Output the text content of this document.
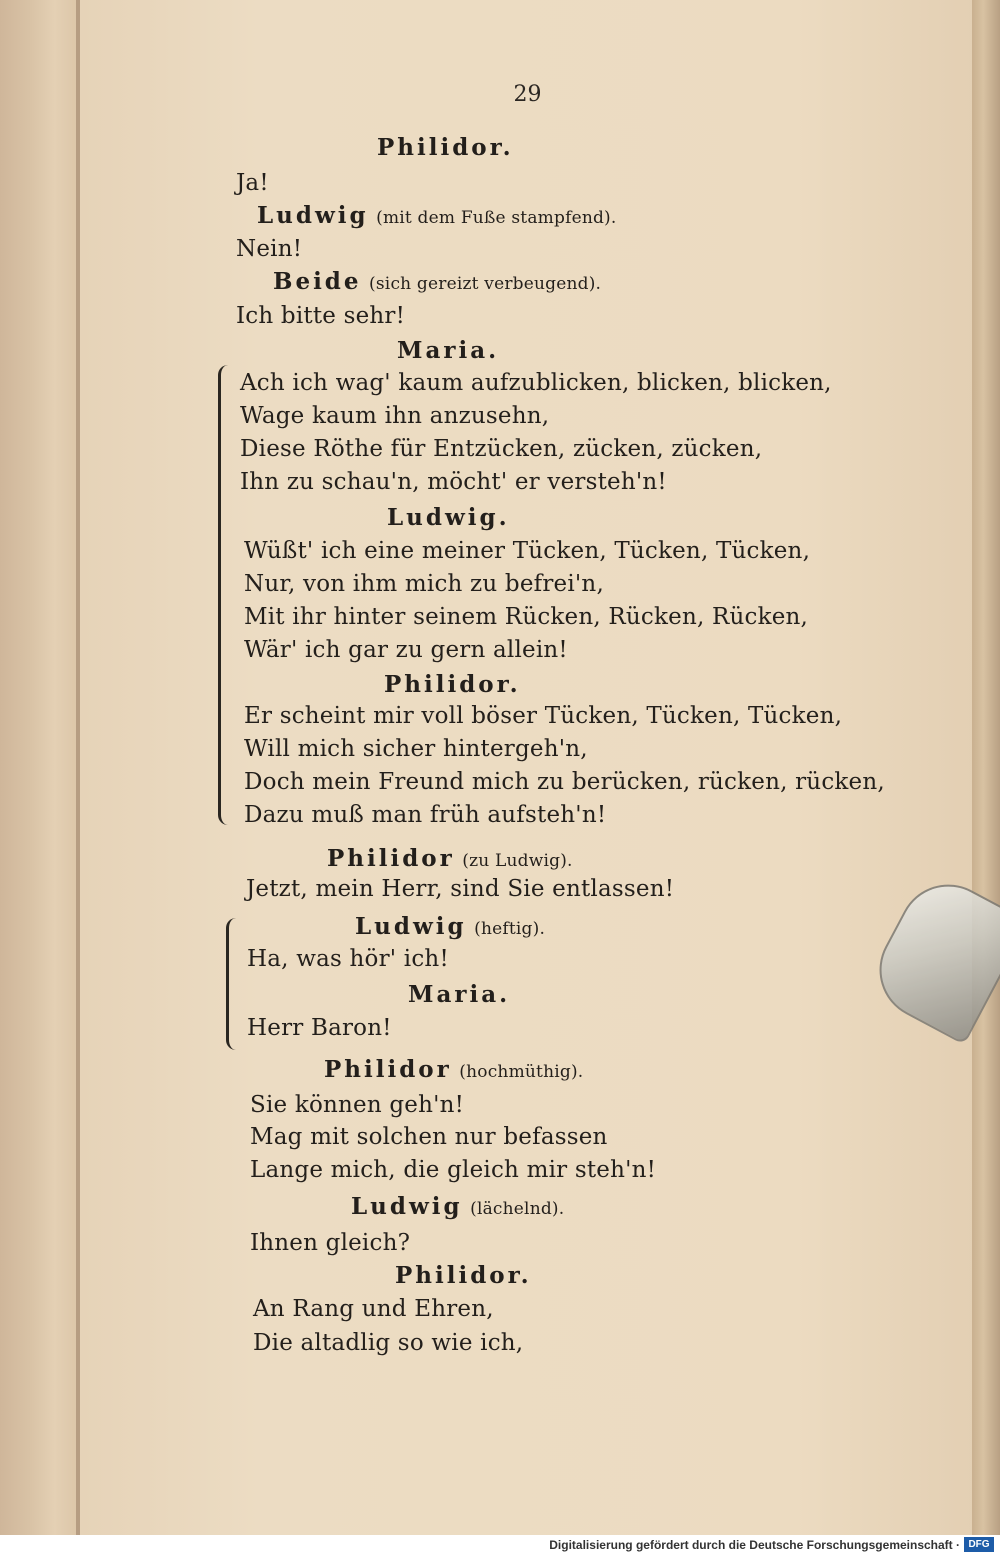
29
Philidor.
Ja!
Ludwig (mit dem Fuße stampfend).
Nein!
Beide (sich gereizt verbeugend).
Ich bitte sehr!
Maria.
Ach ich wag' kaum aufzublicken, blicken, blicken,
Wage kaum ihn anzusehn,
Diese Röthe für Entzücken, zücken, zücken,
Ihn zu schau'n, möcht' er versteh'n!
Ludwig.
Wüßt' ich eine meiner Tücken, Tücken, Tücken,
Nur, von ihm mich zu befrei'n,
Mit ihr hinter seinem Rücken, Rücken, Rücken,
Wär' ich gar zu gern allein!
Philidor.
Er scheint mir voll böser Tücken, Tücken, Tücken,
Will mich sicher hintergeh'n,
Doch mein Freund mich zu berücken, rücken, rücken,
Dazu muß man früh aufsteh'n!
Philidor (zu Ludwig).
Jetzt, mein Herr, sind Sie entlassen!
Ludwig (heftig).
Ha, was hör' ich!
Maria.
Herr Baron!
Philidor (hochmüthig).
Sie können geh'n!
Mag mit solchen nur befassen
Lange mich, die gleich mir steh'n!
Ludwig (lächelnd).
Ihnen gleich?
Philidor.
An Rang und Ehren,
Die altadlig so wie ich,
Digitalisierung gefördert durch die Deutsche Forschungsgemeinschaft · DFG
